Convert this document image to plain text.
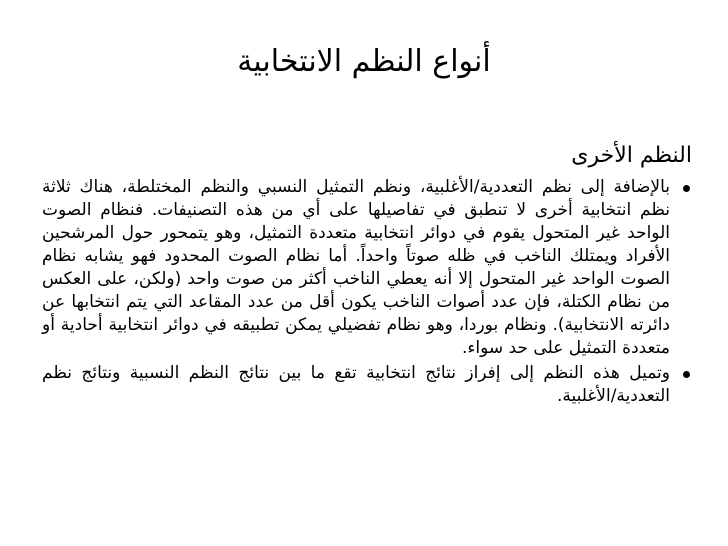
أنواع النظم الانتخابية
النظم الأخرى
بالإضافة إلى نظم التعددية/الأغلبية، ونظم التمثيل النسبي والنظم المختلطة، هناك ثلاثة نظم انتخابية أخرى لا تنطبق في تفاصيلها على أي من هذه التصنيفات. فنظام الصوت الواحد غير المتحول يقوم في دوائر انتخابية متعددة التمثيل، وهو يتمحور حول المرشحين الأفراد ويمتلك الناخب في ظله صوتاً واحداً. أما نظام الصوت المحدود فهو يشابه نظام الصوت الواحد غير المتحول إلا أنه يعطي الناخب أكثر من صوت واحد (ولكن، على العكس من نظام الكتلة، فإن عدد أصوات الناخب يكون أقل من عدد المقاعد التي يتم انتخابها عن دائرته الانتخابية). ونظام بوردا، وهو نظام تفضيلي يمكن تطبيقه في دوائر انتخابية أحادية أو متعددة التمثيل على حد سواء.
وتميل هذه النظم إلى إفراز نتائج انتخابية تقع ما بين نتائج النظم النسبية ونتائج نظم التعددية/الأغلبية.
